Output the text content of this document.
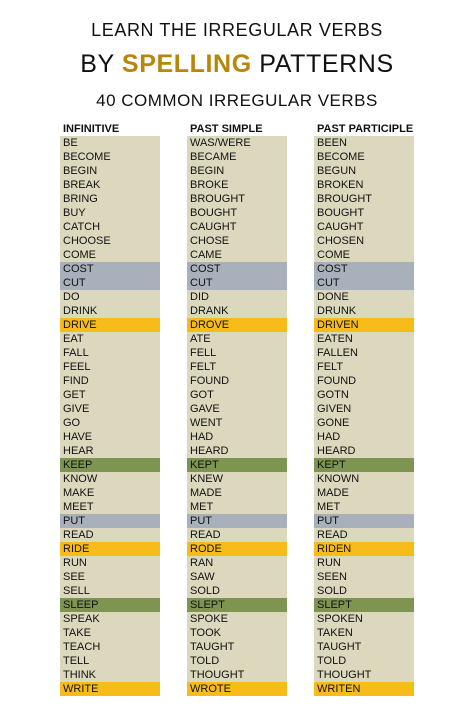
LEARN THE IRREGULAR VERBS
BY SPELLING PATTERNS
40 COMMON IRREGULAR VERBS
INFINITIVE
BE
BECOME
BEGIN
BREAK
BRING
BUY
CATCH
CHOOSE
COME
COST
CUT
DO
DRINK
DRIVE
EAT
FALL
FEEL
FIND
GET
GIVE
GO
HAVE
HEAR
KEEP
KNOW
MAKE
MEET
PUT
READ
RIDE
RUN
SEE
SELL
SLEEP
SPEAK
TAKE
TEACH
TELL
THINK
WRITE
PAST SIMPLE
WAS/WERE
BECAME
BEGIN
BROKE
BROUGHT
BOUGHT
CAUGHT
CHOSE
CAME
COST
CUT
DID
DRANK
DROVE
ATE
FELL
FELT
FOUND
GOT
GAVE
WENT
HAD
HEARD
KEPT
KNEW
MADE
MET
PUT
READ
RODE
RAN
SAW
SOLD
SLEPT
SPOKE
TOOK
TAUGHT
TOLD
THOUGHT
WROTE
PAST PARTICIPLE
BEEN
BECOME
BEGUN
BROKEN
BROUGHT
BOUGHT
CAUGHT
CHOSEN
COME
COST
CUT
DONE
DRUNK
DRIVEN
EATEN
FALLEN
FELT
FOUND
GOTN
GIVEN
GONE
HAD
HEARD
KEPT
KNOWN
MADE
MET
PUT
READ
RIDEN
RUN
SEEN
SOLD
SLEPT
SPOKEN
TAKEN
TAUGHT
TOLD
THOUGHT
WRITEN
